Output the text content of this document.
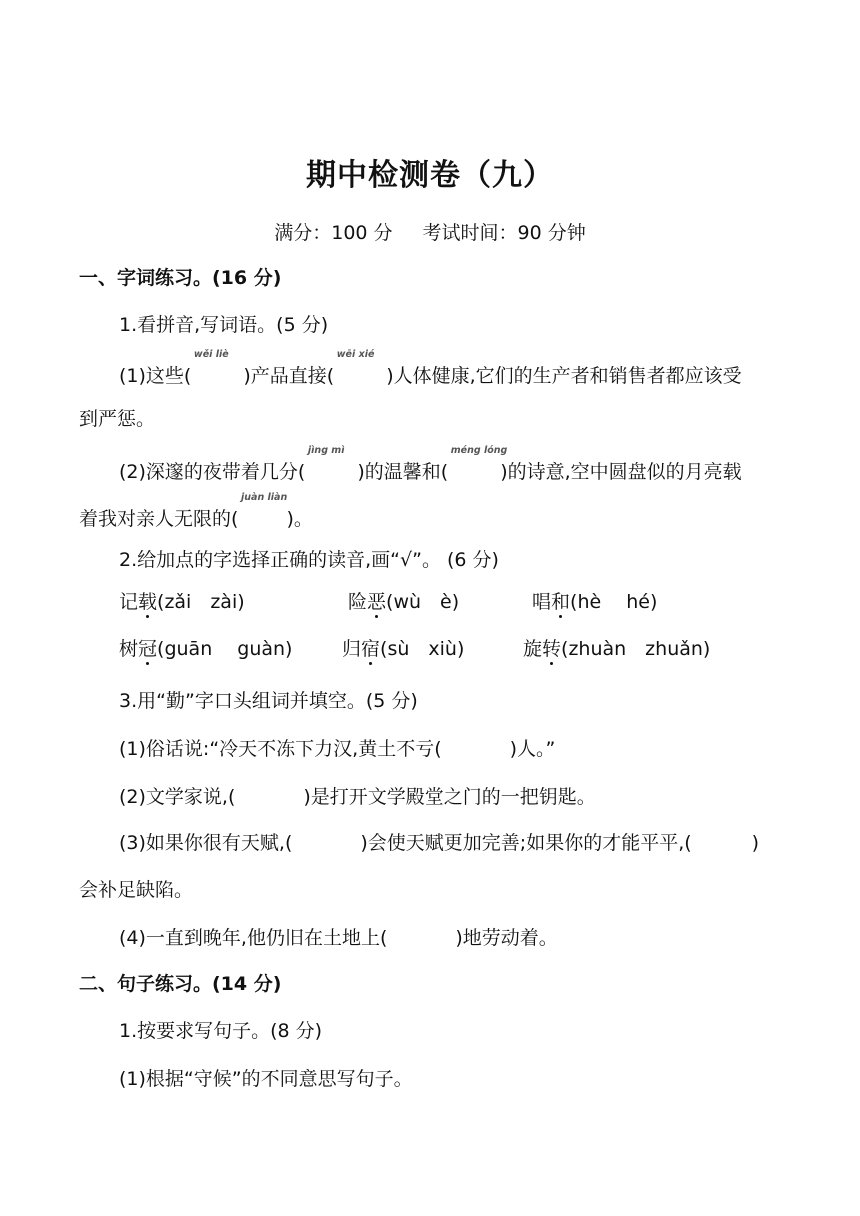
期中检测卷（九）
满分：100 分 考试时间：90 分钟
一、字词练习。(16 分)
1.看拼音,写词语。(5 分)
(1)这些(
wěi liè
)产品直接(
wēi xié
)人体健康,它们的生产者和销售者都应该受
到严惩。
(2)深邃的夜带着几分(
jìng mì
)的温馨和(
méng lóng
)的诗意,空中圆盘似的月亮载
着我对亲人无限的(
juàn liàn
)。
2.给加点的字选择正确的读音,画“√”。 (6 分)
记载(zǎi　zài)	险恶(wù　è)	唱和(hè　 hé)
树冠(guān　 guàn)	归宿(sù　xiù)	旋转(zhuàn　zhuǎn)
3.用“勤”字口头组词并填空。(5 分)
(1)俗话说:“冷天不冻下力汉,黄土不亏(	)人。”
(2)文学家说,(	)是打开文学殿堂之门的一把钥匙。
(3)如果你很有天赋,(	)会使天赋更加完善;如果你的才能平平,(	)
会补足缺陷。
(4)一直到晚年,他仍旧在土地上(	)地劳动着。
二、句子练习。(14 分)
1.按要求写句子。(8 分)
(1)根据“守候”的不同意思写句子。
